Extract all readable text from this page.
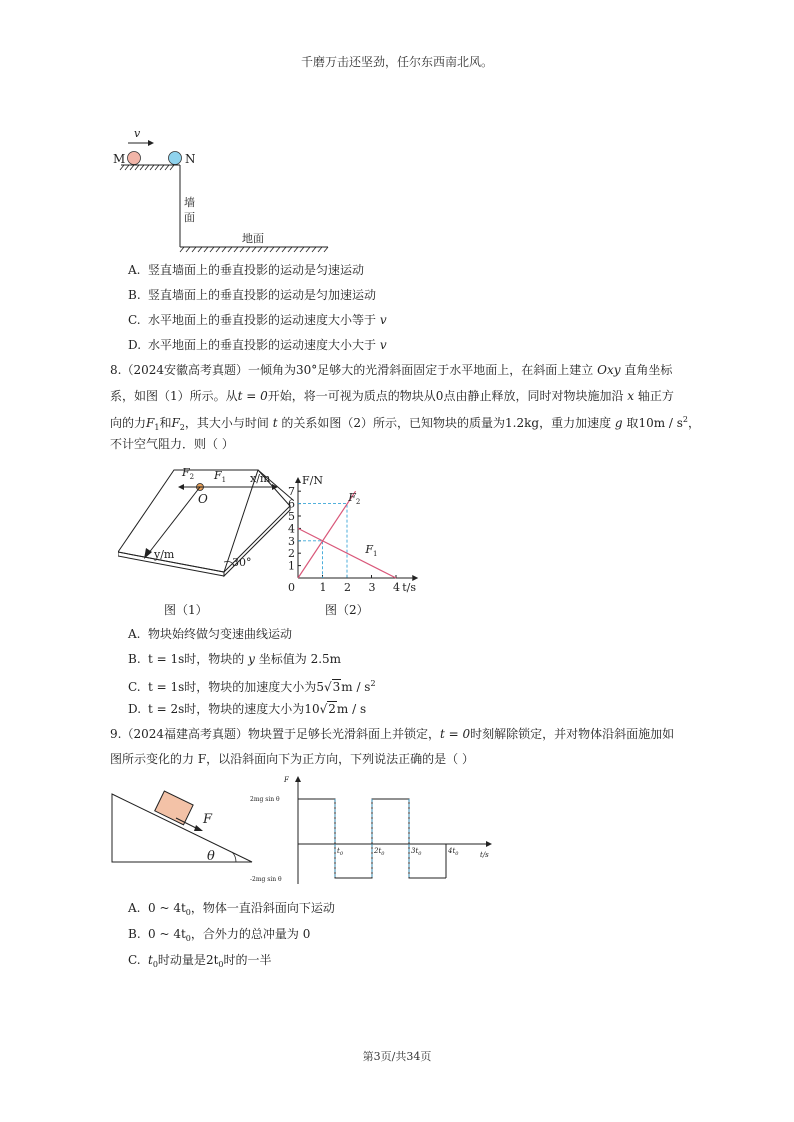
千磨万击还坚劲，任尔东西南北风。
v
M	N
墙
面
地面
A. 竖直墙面上的垂直投影的运动是匀速运动
B. 竖直墙面上的垂直投影的运动是匀加速运动
C. 水平地面上的垂直投影的运动速度大小等于 v
D. 水平地面上的垂直投影的运动速度大小大于 v
8.（2024安徽高考真题）一倾角为30°足够大的光滑斜面固定于水平地面上，在斜面上建立 Oxy 直角坐标
系，如图（1）所示。从t = 0开始，将一可视为质点的物块从0点由静止释放，同时对物块施加沿 x 轴正方
向的力$F_1$和$F_2$，其大小与时间 t 的关系如图（2）所示，已知物块的质量为1.2kg，重力加速度 g 取$10m / s^2$，
不计空气阻力．则（ ）
O
x/m
$F_2$ $F_1$
y/m
30°
图（1）
F/N
t/s
1
2
3
4
5
6
7
0 1 2 3 4
$F_2$
$F_1$
图（2）
A. 物块始终做匀变速曲线运动
B. t = 1s时，物块的 y 坐标值为 2.5m
C. t = 1s时，物块的加速度大小为$5√3m / s^2$
D. t = 2s时，物块的速度大小为10√2m / s
9.（2024福建高考真题）物块置于足够长光滑斜面上并锁定，t = 0时刻解除锁定，并对物体沿斜面施加如
图所示变化的力 F，以沿斜面向下为正方向，下列说法正确的是（ ）
F
θ
F
t/s
2mg sin θ
-2mg sin θ
$t_0$	$2t_0$	$3t_0$	$4t_0$
A. 0 ~ $4t_0$，物体一直沿斜面向下运动
B. 0 ~ $4t_0$，合外力的总冲量为 0
C. $t_0$时动量是$2t_0$时的一半
第3页/共34页
